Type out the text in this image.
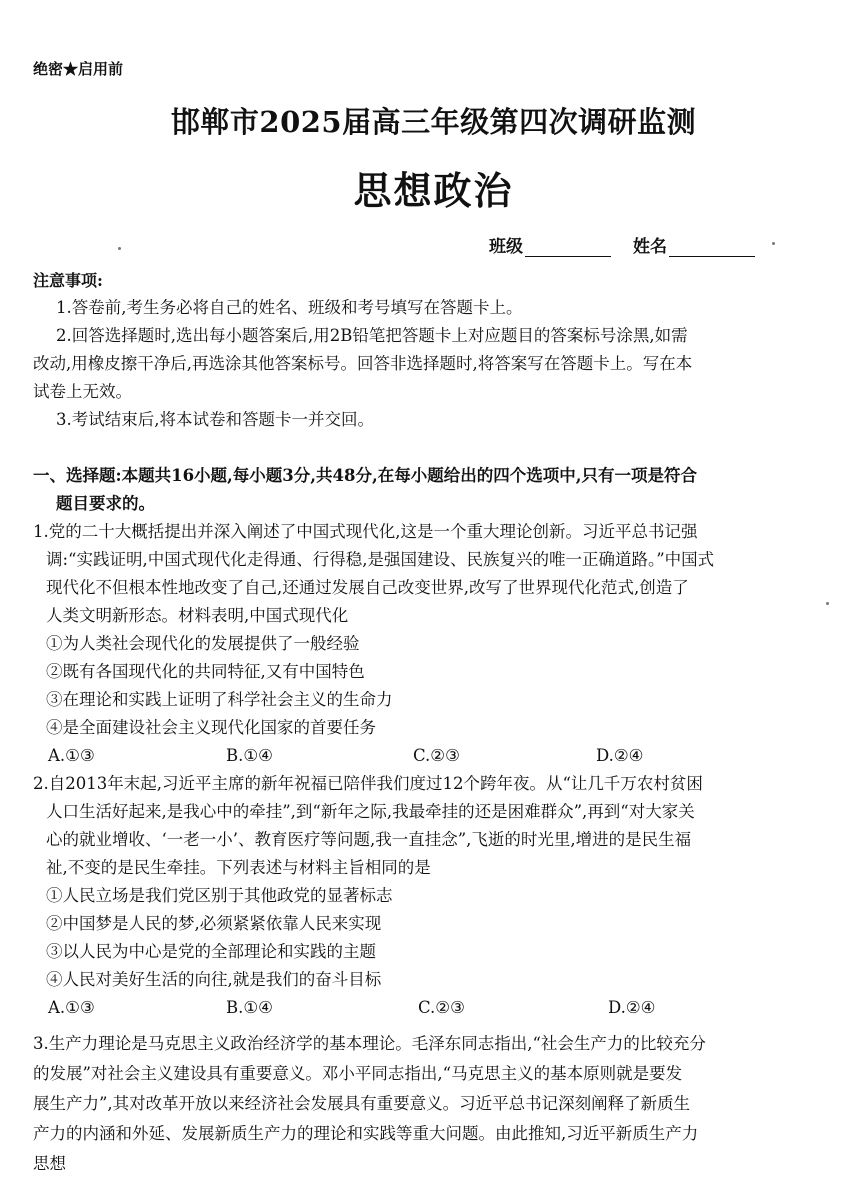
绝密★启用前
邯郸市2025届高三年级第四次调研监测
思想政治
班级	姓名
注意事项:
1.答卷前,考生务必将自己的姓名、班级和考号填写在答题卡上。
2.回答选择题时,选出每小题答案后,用2B铅笔把答题卡上对应题目的答案标号涂黑,如需
改动,用橡皮擦干净后,再选涂其他答案标号。回答非选择题时,将答案写在答题卡上。写在本
试卷上无效。
3.考试结束后,将本试卷和答题卡一并交回。
一、选择题:本题共16小题,每小题3分,共48分,在每小题给出的四个选项中,只有一项是符合
题目要求的。
1.党的二十大概括提出并深入阐述了中国式现代化,这是一个重大理论创新。习近平总书记强
调:“实践证明,中国式现代化走得通、行得稳,是强国建设、民族复兴的唯一正确道路。”中国式
现代化不但根本性地改变了自己,还通过发展自己改变世界,改写了世界现代化范式,创造了
人类文明新形态。材料表明,中国式现代化
①为人类社会现代化的发展提供了一般经验
②既有各国现代化的共同特征,又有中国特色
③在理论和实践上证明了科学社会主义的生命力
④是全面建设社会主义现代化国家的首要任务
A.①③	B.①④	C.②③	D.②④
2.自2013年末起,习近平主席的新年祝福已陪伴我们度过12个跨年夜。从“让几千万农村贫困
人口生活好起来,是我心中的牵挂”,到“新年之际,我最牵挂的还是困难群众”,再到“对大家关
心的就业增收、‘一老一小’、教育医疗等问题,我一直挂念”,飞逝的时光里,增进的是民生福
祉,不变的是民生牵挂。下列表述与材料主旨相同的是
①人民立场是我们党区别于其他政党的显著标志
②中国梦是人民的梦,必须紧紧依靠人民来实现
③以人民为中心是党的全部理论和实践的主题
④人民对美好生活的向往,就是我们的奋斗目标
A.①③	B.①④	C.②③	D.②④
3.生产力理论是马克思主义政治经济学的基本理论。毛泽东同志指出,“社会生产力的比较充分
的发展”对社会主义建设具有重要意义。邓小平同志指出,“马克思主义的基本原则就是要发
展生产力”,其对改革开放以来经济社会发展具有重要意义。习近平总书记深刻阐释了新质生
产力的内涵和外延、发展新质生产力的理论和实践等重大问题。由此推知,习近平新质生产力
思想
